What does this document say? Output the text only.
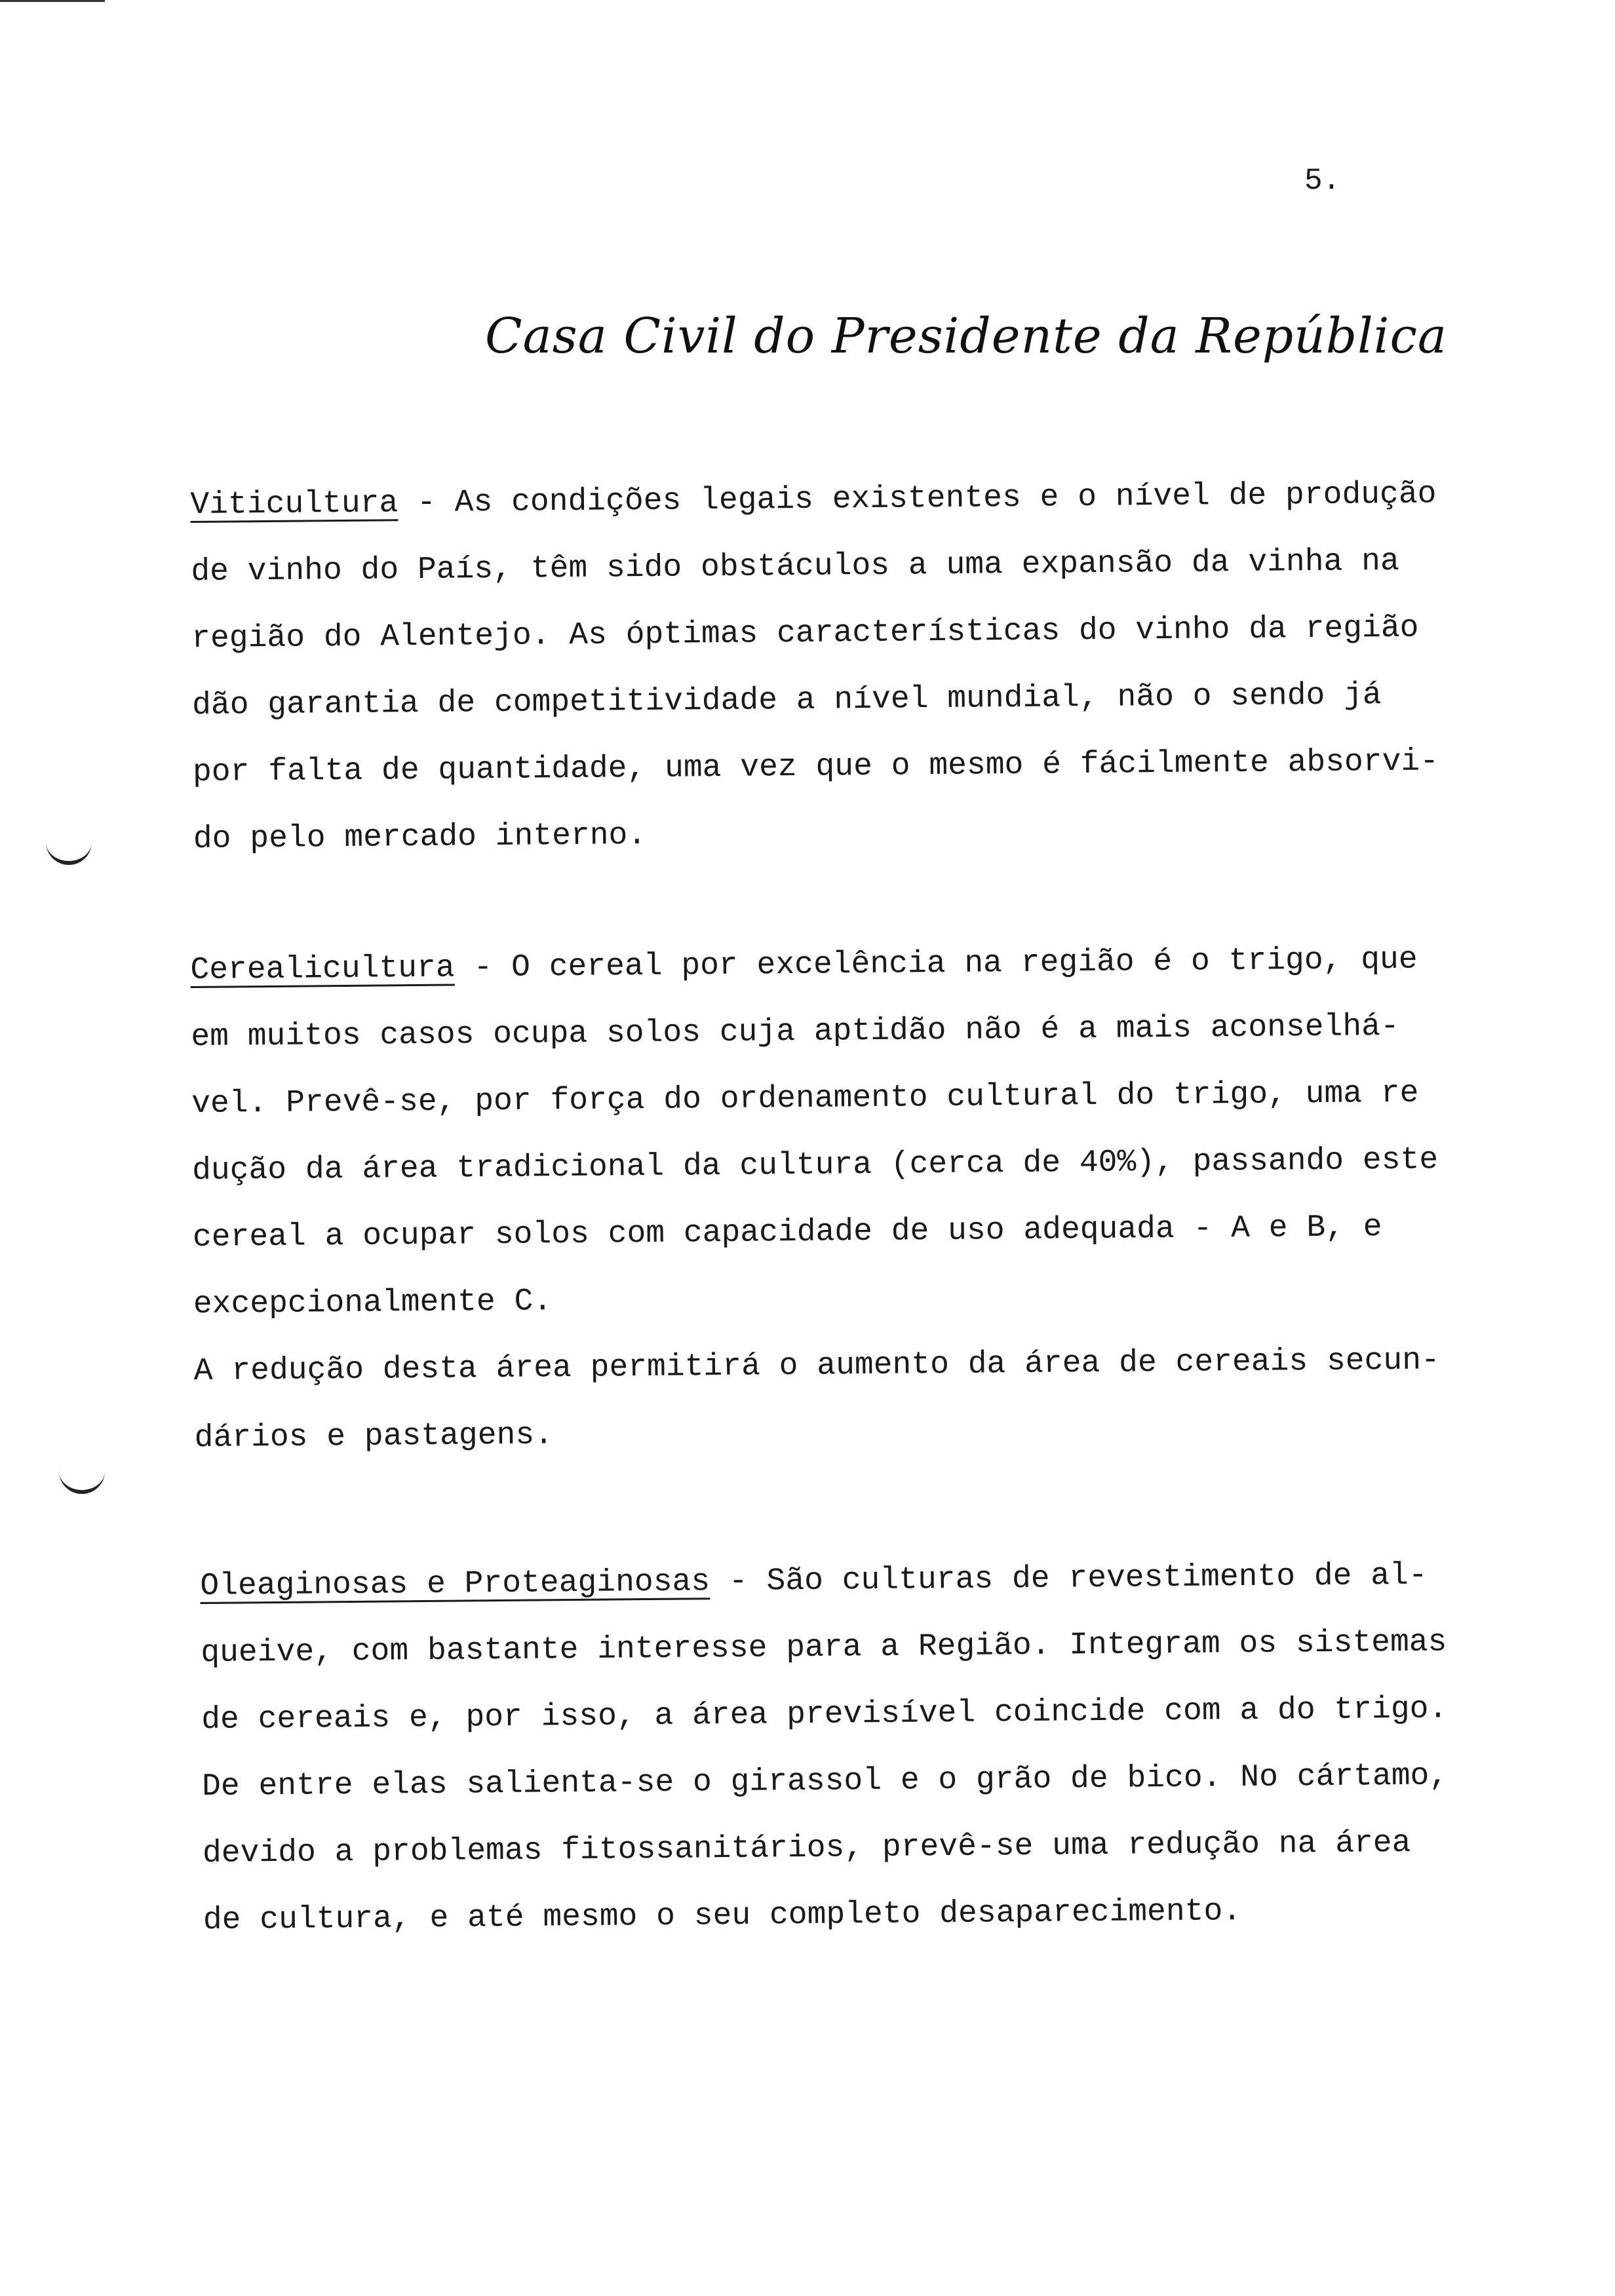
5.
Casa Civil do Presidente da República
Viticultura - As condições legais existentes e o nível de produção
de vinho do País, têm sido obstáculos a uma expansão da vinha na
região do Alentejo. As óptimas características do vinho da região
dão garantia de competitividade a nível mundial, não o sendo já
por falta de quantidade, uma vez que o mesmo é fácilmente absorvi-
do pelo mercado interno.
Cerealicultura - O cereal por excelência na região é o trigo, que
em muitos casos ocupa solos cuja aptidão não é a mais aconselhá-
vel. Prevê-se, por força do ordenamento cultural do trigo, uma re
dução da área tradicional da cultura (cerca de 40%), passando este
cereal a ocupar solos com capacidade de uso adequada - A e B, e
excepcionalmente C.
A redução desta área permitirá o aumento da área de cereais secun-
dários e pastagens.
Oleaginosas e Proteaginosas - São culturas de revestimento de al-
queive, com bastante interesse para a Região. Integram os sistemas
de cereais e, por isso, a área previsível coincide com a do trigo.
De entre elas salienta-se o girassol e o grão de bico. No cártamo,
devido a problemas fitossanitários, prevê-se uma redução na área
de cultura, e até mesmo o seu completo desaparecimento.
